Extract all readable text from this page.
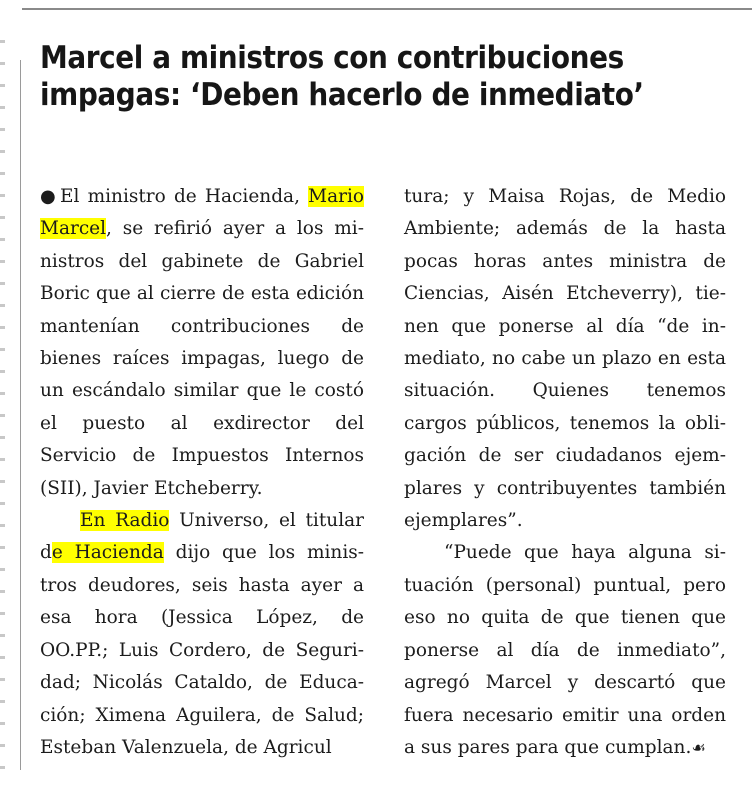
Marcel a ministros con contribuciones impagas: ‘Deben hacerlo de inmediato’

● El ministro de Hacienda, Mario Marcel, se refirió ayer a los ministros del gabinete de Gabriel Boric que al cierre de esta edición mantenían contribuciones de bienes raíces impagas, luego de un escándalo similar que le costó el puesto al exdirector del Servicio de Impuestos Internos (SII), Javier Etcheberry.

En Radio Universo, el titular de Hacienda dijo que los ministros deudores, seis hasta ayer a esa hora (Jessica López, de OO.PP.; Luis Cordero, de Seguridad; Nicolás Cataldo, de Educación; Ximena Aguilera, de Salud; Esteban Valenzuela, de Agricul

tura; y Maisa Rojas, de Medio Ambiente; además de la hasta pocas horas antes ministra de Ciencias, Aisén Etcheverry), tienen que ponerse al día “de inmediato, no cabe un plazo en esta situación. Quienes tenemos cargos públicos, tenemos la obligación de ser ciudadanos ejemplares y contribuyentes también ejemplares”.

“Puede que haya alguna situación (personal) puntual, pero eso no quita de que tienen que ponerse al día de inmediato”, agregó Marcel y descartó que fuera necesario emitir una orden a sus pares para que cumplan.☙
